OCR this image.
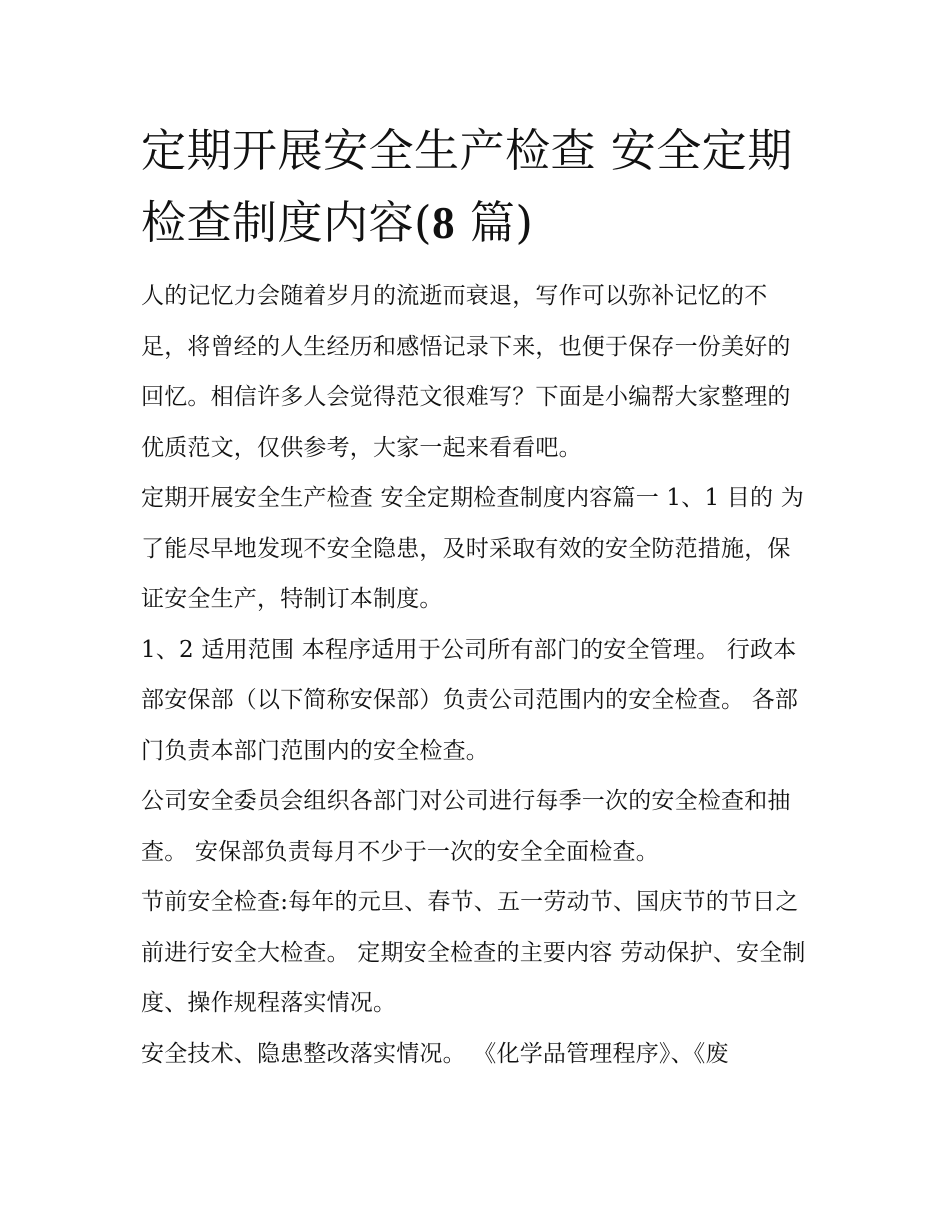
定期开展安全生产检查 安全定期检查制度内容(8 篇)

人的记忆力会随着岁月的流逝而衰退，写作可以弥补记忆的不足，将曾经的人生经历和感悟记录下来，也便于保存一份美好的回忆。相信许多人会觉得范文很难写？下面是小编帮大家整理的优质范文，仅供参考，大家一起来看看吧。

定期开展安全生产检查 安全定期检查制度内容篇一 1、1 目的 为了能尽早地发现不安全隐患，及时采取有效的安全防范措施，保证安全生产，特制订本制度。

1、2 适用范围 本程序适用于公司所有部门的安全管理。 行政本部安保部（以下简称安保部）负责公司范围内的安全检查。 各部门负责本部门范围内的安全检查。

公司安全委员会组织各部门对公司进行每季一次的安全检查和抽查。 安保部负责每月不少于一次的安全全面检查。

节前安全检查:每年的元旦、春节、五一劳动节、国庆节的节日之前进行安全大检查。 定期安全检查的主要内容 劳动保护、安全制度、操作规程落实情况。

安全技术、隐患整改落实情况。 《化学品管理程序》、《废
